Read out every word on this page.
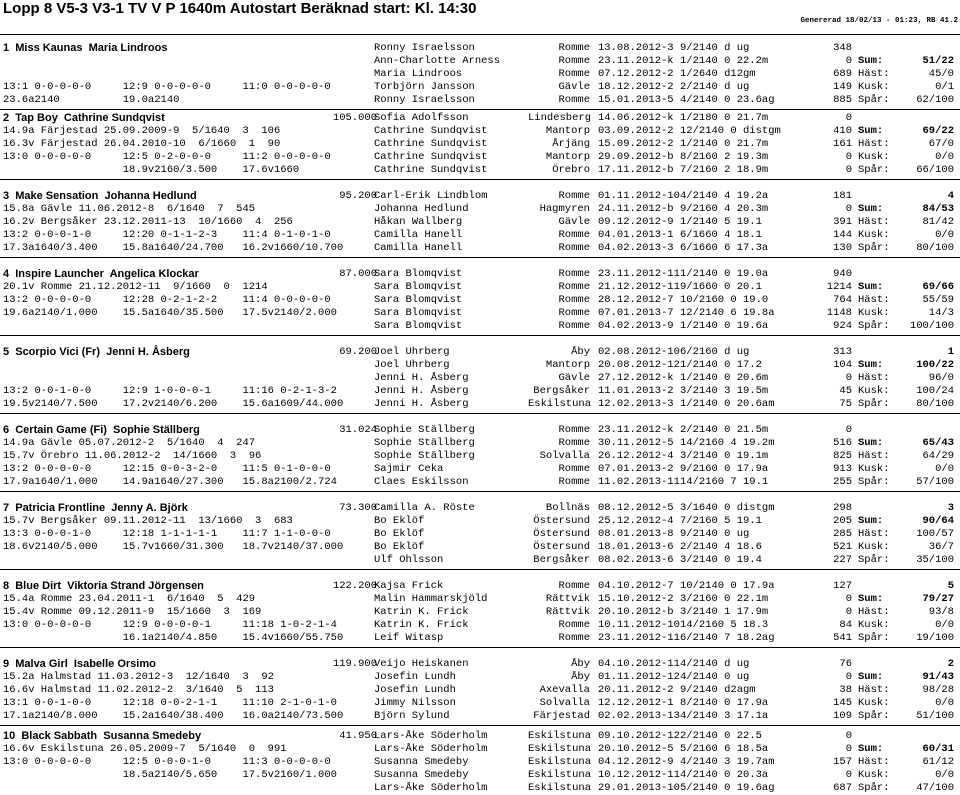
Lopp 8 V5-3 V3-1 TV V P 1640m Autostart Beräknad start: Kl. 14:30
Genererad 18/02/13 - 01:23, RB 41.2
1  Miss Kaunas  Maria Lindroos	Ronny Israelsson	Romme 13.08.2012-3 9/2140 d ug	348
Ann-Charlotte Arness	Romme 23.11.2012-k 1/2140 0 22.2m	0 Sum:	51/22
Maria Lindroos	Romme 07.12.2012-2 1/2640 d12gm	689 Häst:	45/0
13:1 0-0-0-0-0     12:9 0-0-0-0-0     11:0 0-0-0-0-0	Torbjörn Jansson	Gävle 18.12.2012-2 2/2140 d ug	149 Kusk:	0/1
23.6a2140          19.0a2140	Ronny Israelsson	Romme 15.01.2013-5 4/2140 0 23.6ag	885 Spår:	62/100
2  Tap Boy  Cathrine Sundqvist	105.000
Sofia Adolfsson	Lindesberg 14.06.2012-k 1/2180 0 21.7m	0
14.9a Färjestad 25.09.2009-9  5/1640  3  106	Cathrine Sundqvist	Mantorp 03.09.2012-2 12/2140 0 distgm	410 Sum:	69/22
16.3v Färjestad 26.04.2010-10  6/1660  1  90	Cathrine Sundqvist	Årjäng 15.09.2012-2 1/2140 0 21.7m	161 Häst:	67/0
13:0 0-0-0-0-0     12:5 0-2-0-0-0     11:2 0-0-0-0-0	Cathrine Sundqvist	Mantorp 29.09.2012-b 8/2160 2 19.3m	0 Kusk:	0/0
18.9v2160/3.500    17.6v1660	Cathrine Sundqvist	Örebro 17.11.2012-b 7/2160 2 18.9m	0 Spår:	66/100
3  Make Sensation  Johanna Hedlund	95.200
Carl-Erik Lindblom	Romme 01.11.2012-10 4/2140 4 19.2a	181	4
15.8a Gävle 11.06.2012-8  6/1640  7  545	Johanna Hedlund	Hagmyren 24.11.2012-b 9/2160 4 20.3m	0 Sum:	84/53
16.2v Bergsåker 23.12.2011-13  10/1660  4  256	Håkan Wallberg	Gävle 09.12.2012-9 1/2140 5 19.1	391 Häst:	81/42
13:2 0-0-0-1-0     12:20 0-1-1-2-3    11:4 0-1-0-1-0	Camilla Hanell	Romme 04.01.2013-1 6/1660 4 18.1	144 Kusk:	0/0
17.3a1640/3.400    15.8a1640/24.700   16.2v1660/10.700	Camilla Hanell	Romme 04.02.2013-3 6/1660 6 17.3a	130 Spår:	80/100
4  Inspire Launcher  Angelica Klockar	87.000
Sara Blomqvist	Romme 23.11.2012-11 1/2140 0 19.0a	940
20.1v Romme 21.12.2012-11  9/1660  0  1214	Sara Blomqvist	Romme 21.12.2012-11 9/1660 0 20.1	1214 Sum:	69/66
13:2 0-0-0-0-0     12:28 0-2-1-2-2    11:4 0-0-0-0-0	Sara Blomqvist	Romme 28.12.2012-7 10/2160 0 19.0	764 Häst:	55/59
19.6a2140/1.000    15.5a1640/35.500   17.5v2140/2.000	Sara Blomqvist	Romme 07.01.2013-7 12/2140 6 19.8a	1148 Kusk:	14/3
Sara Blomqvist	Romme 04.02.2013-9 1/2140 0 19.6a	924 Spår: 100/100
5  Scorpio Vici (Fr)  Jenni H. Åsberg	69.200
Joel Uhrberg	Åby 02.08.2012-10 6/2160 d ug	313	1
Joel Uhrberg	Mantorp 20.08.2012-12 1/2140 0 17.2	104 Sum:	100/22
Jenni H. Åsberg	Gävle 27.12.2012-k 1/2140 0 20.6m	0 Häst:	96/0
13:2 0-0-1-0-0     12:9 1-0-0-0-1     11:16 0-2-1-3-2	Jenni H. Åsberg	Bergsåker 11.01.2013-2 3/2140 3 19.5m	45 Kusk:	100/24
19.5v2140/7.500    17.2v2140/6.200    15.6a1609/44.000	Jenni H. Åsberg	Eskilstuna 12.02.2013-3 1/2140 0 20.6am	75 Spår:	80/100
6  Certain Game (Fi)  Sophie Ställberg	31.024
Sophie Ställberg	Romme 23.11.2012-k 2/2140 0 21.5m	0
14.9a Gävle 05.07.2012-2  5/1640  4  247	Sophie Ställberg	Romme 30.11.2012-5 14/2160 4 19.2m	516 Sum:	65/43
15.7v Örebro 11.06.2012-2  14/1660  3  96	Sophie Ställberg	Solvalla 26.12.2012-4 3/2140 0 19.1m	825 Häst:	64/29
13:2 0-0-0-0-0     12:15 0-0-3-2-0    11:5 0-1-0-0-0	Sajmir Ceka	Romme 07.01.2013-2 9/2160 0 17.9a	913 Kusk:	0/0
17.9a1640/1.000    14.9a1640/27.300   15.8a2100/2.724	Claes Eskilsson	Romme 11.02.2013-11 14/2160 7 19.1	255 Spår:	57/100
7  Patricia Frontline  Jenny A. Björk	73.300
Camilla A. Röste	Bollnäs 08.12.2012-5 3/1640 0 distgm	298	3
15.7v Bergsåker 09.11.2012-11  13/1660  3  683	Bo Eklöf	Östersund 25.12.2012-4 7/2160 5 19.1	205 Sum:	90/64
13:3 0-0-0-1-0     12:18 1-1-1-1-1    11:7 1-1-0-0-0	Bo Eklöf	Östersund 08.01.2013-8 9/2140 0 ug	285 Häst:	100/57
18.6v2140/5.000    15.7v1660/31.300   18.7v2140/37.000	Bo Eklöf	Östersund 18.01.2013-6 2/2140 4 18.6	521 Kusk:	36/7
Ulf Ohlsson	Bergsåker 08.02.2013-6 3/2140 0 19.4	227 Spår:	35/100
8  Blue Dirt  Viktoria Strand Jörgensen	122.200
Kajsa Frick	Romme 04.10.2012-7 10/2140 0 17.9a	127	5
15.4a Romme 23.04.2011-1  6/1640  5  429	Malin Hammarskjöld	Rättvik 15.10.2012-2 3/2160 0 22.1m	0 Sum:	79/27
15.4v Romme 09.12.2011-9  15/1660  3  169	Katrin K. Frick	Rättvik 20.10.2012-b 3/2140 1 17.9m	0 Häst:	93/8
13:0 0-0-0-0-0     12:9 0-0-0-0-1     11:18 1-0-2-1-4	Katrin K. Frick	Romme 10.11.2012-10 14/2160 5 18.3	84 Kusk:	0/0
16.1a2140/4.850    15.4v1660/55.750	Leif Witasp	Romme 23.11.2012-11 6/2140 7 18.2ag	541 Spår:	19/100
9  Malva Girl  Isabelle Orsimo	119.900
Veijo Heiskanen	Åby 04.10.2012-11 4/2140 d ug	76	2
15.2a Halmstad 11.03.2012-3  12/1640  3  92	Josefin Lundh	Åby 01.11.2012-12 4/2140 0 ug	0 Sum:	91/43
16.6v Halmstad 11.02.2012-2  3/1640  5  113	Josefin Lundh	Axevalla 20.11.2012-2 9/2140 d2agm	38 Häst:	98/28
13:1 0-0-1-0-0     12:18 0-0-2-1-1    11:10 2-1-0-1-0	Jimmy Nilsson	Solvalla 12.12.2012-1 8/2140 0 17.9a	145 Kusk:	0/0
17.1a2140/8.000    15.2a1640/38.400   16.0a2140/73.500	Björn Sylund	Färjestad 02.02.2013-13 4/2140 3 17.1a	109 Spår:	51/100
10  Black Sabbath  Susanna Smedeby	41.950
Lars-Åke Söderholm	Eskilstuna 09.10.2012-12 2/2140 0 22.5	0
16.6v Eskilstuna 26.05.2009-7  5/1640  0  991	Lars-Åke Söderholm	Eskilstuna 20.10.2012-5 5/2160 6 18.5a	0 Sum:	60/31
13:0 0-0-0-0-0     12:5 0-0-0-1-0     11:3 0-0-0-0-0	Susanna Smedeby	Eskilstuna 04.12.2012-9 4/2140 3 19.7am	157 Häst:	61/12
18.5a2140/5.650    17.5v2160/1.000	Susanna Smedeby	Eskilstuna 10.12.2012-11 4/2140 0 20.3a	0 Kusk:	0/0
Lars-Åke Söderholm	Eskilstuna 29.01.2013-10 5/2140 0 19.6ag	687 Spår:	47/100
